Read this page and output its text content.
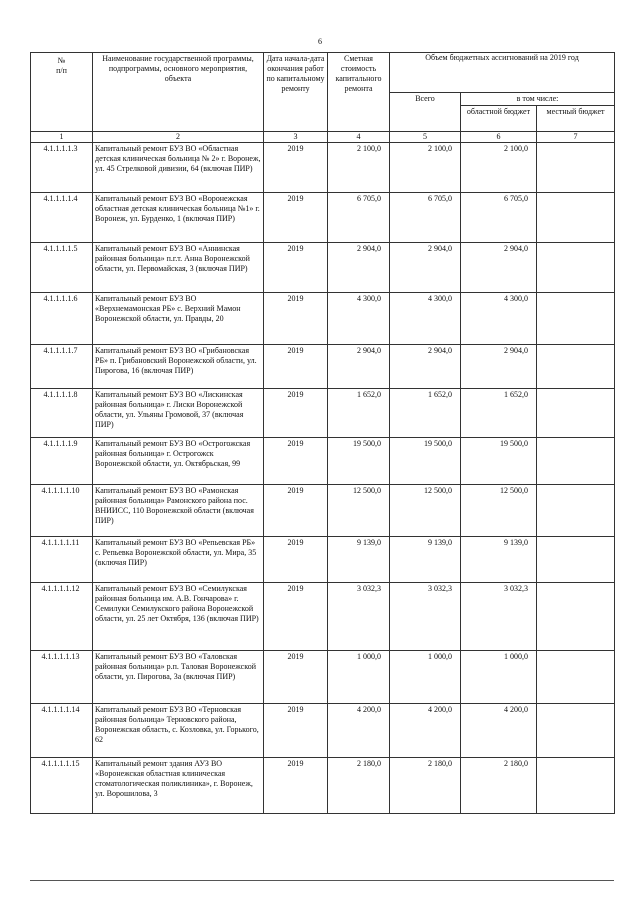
6
№
п/п	Наименование государственной программы, подпрограммы, основного мероприятия, объекта	Дата начала-дата окончания работ по капитальному ремонту	Сметная стоимость капитального ремонта	Объем бюджетных ассигнований на 2019 год		
				Всего	в том числе:	
					областной бюджет	местный бюджет
1	2	3	4	5	6	7
4.1.1.1.1.3	Капитальный ремонт БУЗ ВО «Областная детская клиническая больница № 2» г. Воронеж, ул. 45 Стрелковой дивизии, 64 (включая ПИР)	2019	2 100,0	2 100,0	2 100,0	
4.1.1.1.1.4	Капитальный ремонт БУЗ ВО «Воронежская областная детская клиническая больница №1» г. Воронеж, ул. Бурденко, 1 (включая ПИР)	2019	6 705,0	6 705,0	6 705,0	
4.1.1.1.1.5	Капитальный ремонт БУЗ ВО «Аннинская районная больница» п.г.т. Анна Воронежской области, ул. Первомайская, 3 (включая ПИР)	2019	2 904,0	2 904,0	2 904,0	
4.1.1.1.1.6	Капитальный ремонт БУЗ ВО «Верхнемамонская РБ» с. Верхний Мамон Воронежской области, ул. Правды, 20	2019	4 300,0	4 300,0	4 300,0	
4.1.1.1.1.7	Капитальный ремонт БУЗ ВО «Грибановская РБ» п. Грибановский Воронежской области, ул. Пирогова, 16 (включая ПИР)	2019	2 904,0	2 904,0	2 904,0	
4.1.1.1.1.8	Капитальный ремонт БУЗ ВО «Лискинская районная больница» г. Лиски Воронежской области, ул. Ульяны Громовой, 37 (включая ПИР)	2019	1 652,0	1 652,0	1 652,0	
4.1.1.1.1.9	Капитальный ремонт БУЗ ВО «Острогожская районная больница» г. Острогожск Воронежской области, ул. Октябрьская, 99	2019	19 500,0	19 500,0	19 500,0	
4.1.1.1.1.10	Капитальный ремонт БУЗ ВО «Рамонская районная больница» Рамонского района пос. ВНИИСС, 110 Воронежской области (включая ПИР)	2019	12 500,0	12 500,0	12 500,0	
4.1.1.1.1.11	Капитальный ремонт БУЗ ВО «Репьевская РБ» с. Репьевка Воронежской области, ул. Мира, 35 (включая ПИР)	2019	9 139,0	9 139,0	9 139,0	
4.1.1.1.1.12	Капитальный ремонт БУЗ ВО «Семилукская районная больница им. А.В. Гончарова» г. Семилуки Семилукского района Воронежской области, ул. 25 лет Октября, 136 (включая ПИР)	2019	3 032,3	3 032,3	3 032,3	
4.1.1.1.1.13	Капитальный ремонт БУЗ ВО «Таловская районная больница» р.п. Таловая Воронежской области, ул. Пирогова, 3а (включая ПИР)	2019	1 000,0	1 000,0	1 000,0	
4.1.1.1.1.14	Капитальный ремонт БУЗ ВО «Терновская районная больница» Терновского района, Воронежская область, с. Козловка, ул. Горького, 62	2019	4 200,0	4 200,0	4 200,0	
4.1.1.1.1.15	Капитальный ремонт здания АУЗ ВО «Воронежская областная клиническая стоматологическая поликлиника», г. Воронеж, ул. Ворошилова, 3	2019	2 180,0	2 180,0	2 180,0	
